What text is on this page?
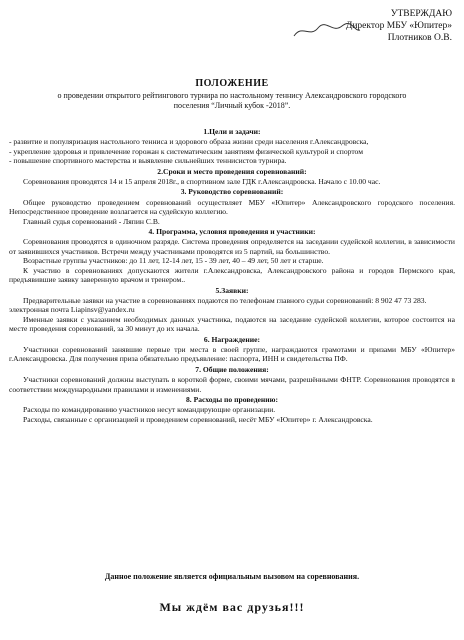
УТВЕРЖДАЮ
Директор МБУ «Юпитер»
Плотников О.В.
ПОЛОЖЕНИЕ
о проведении открытого рейтингового турнира по настольному теннису Александровского городского поселения “Личный кубок -2018”.
1.Цели и задачи:

- развитие и популяризация настольного тенниса и здорового образа жизни среди населения г.Александровска,

- укрепление здоровья и привлечение горожан к систематическим занятиям физической культурой и спортом

- повышение спортивного мастерства и выявление сильнейших теннисистов турнира.

2.Сроки и место проведения соревнований:

Соревнования проводятся 14 и 15 апреля 2018г., в спортивном зале ГДК г.Александровска. Начало с 10.00 час.

3. Руководство соревнований:

Общее руководство проведением соревнований осуществляет МБУ «Юпитер» Александровского городского поселения. Непосредственное проведение возлагается на судейскую коллегию.

Главный судья соревнований - Ляпин С.В.

4. Программа, условия проведения и участники:

Соревнования проводятся в одиночном разряде. Система проведения определяется на заседании судейской коллегии, в зависимости от заявившихся участников. Встречи между участниками проводятся из 5 партий, на большинство.

Возрастные группы участников: до 11 лет, 12-14 лет, 15 - 39 лет, 40 – 49 лет, 50 лет и старше.

К участию в соревнованиях допускаются жители г.Александровска, Александровского района и городов Пермского края, предъявившие заявку заверенную врачом и тренером..

5.Заявки:

Предварительные заявки на участие в соревнованиях подаются по телефонам главного судьи соревнований: 8 902 47 73 283.

электронная почта Liapinsv@yandex.ru

Именные заявки с указанием необходимых данных участника, подаются на заседание судейской коллегии, которое состоится на месте проведения соревнований, за 30 минут до их начала.

6. Награждение:

Участники соревнований занявшие первые три места в своей группе, награждаются грамотами и призами МБУ «Юпитер» г.Александровска. Для получения приза обязательно предъявление: паспорта, ИНН и свидетельства ПФ.

7. Общие положения:

Участники соревнований должны выступать в короткой форме, своими мячами, разрешёнными ФНТР. Соревнования проводятся в соответствии международными правилами и изменениями.

8. Расходы по проведению:

Расходы по командированию участников несут командирующие организации.

Расходы, связанные с организацией и проведением соревнований, несёт МБУ «Юпитер» г. Александровска.

Данное положение является официальным вызовом на соревнования.
Мы ждём вас друзья!!!
